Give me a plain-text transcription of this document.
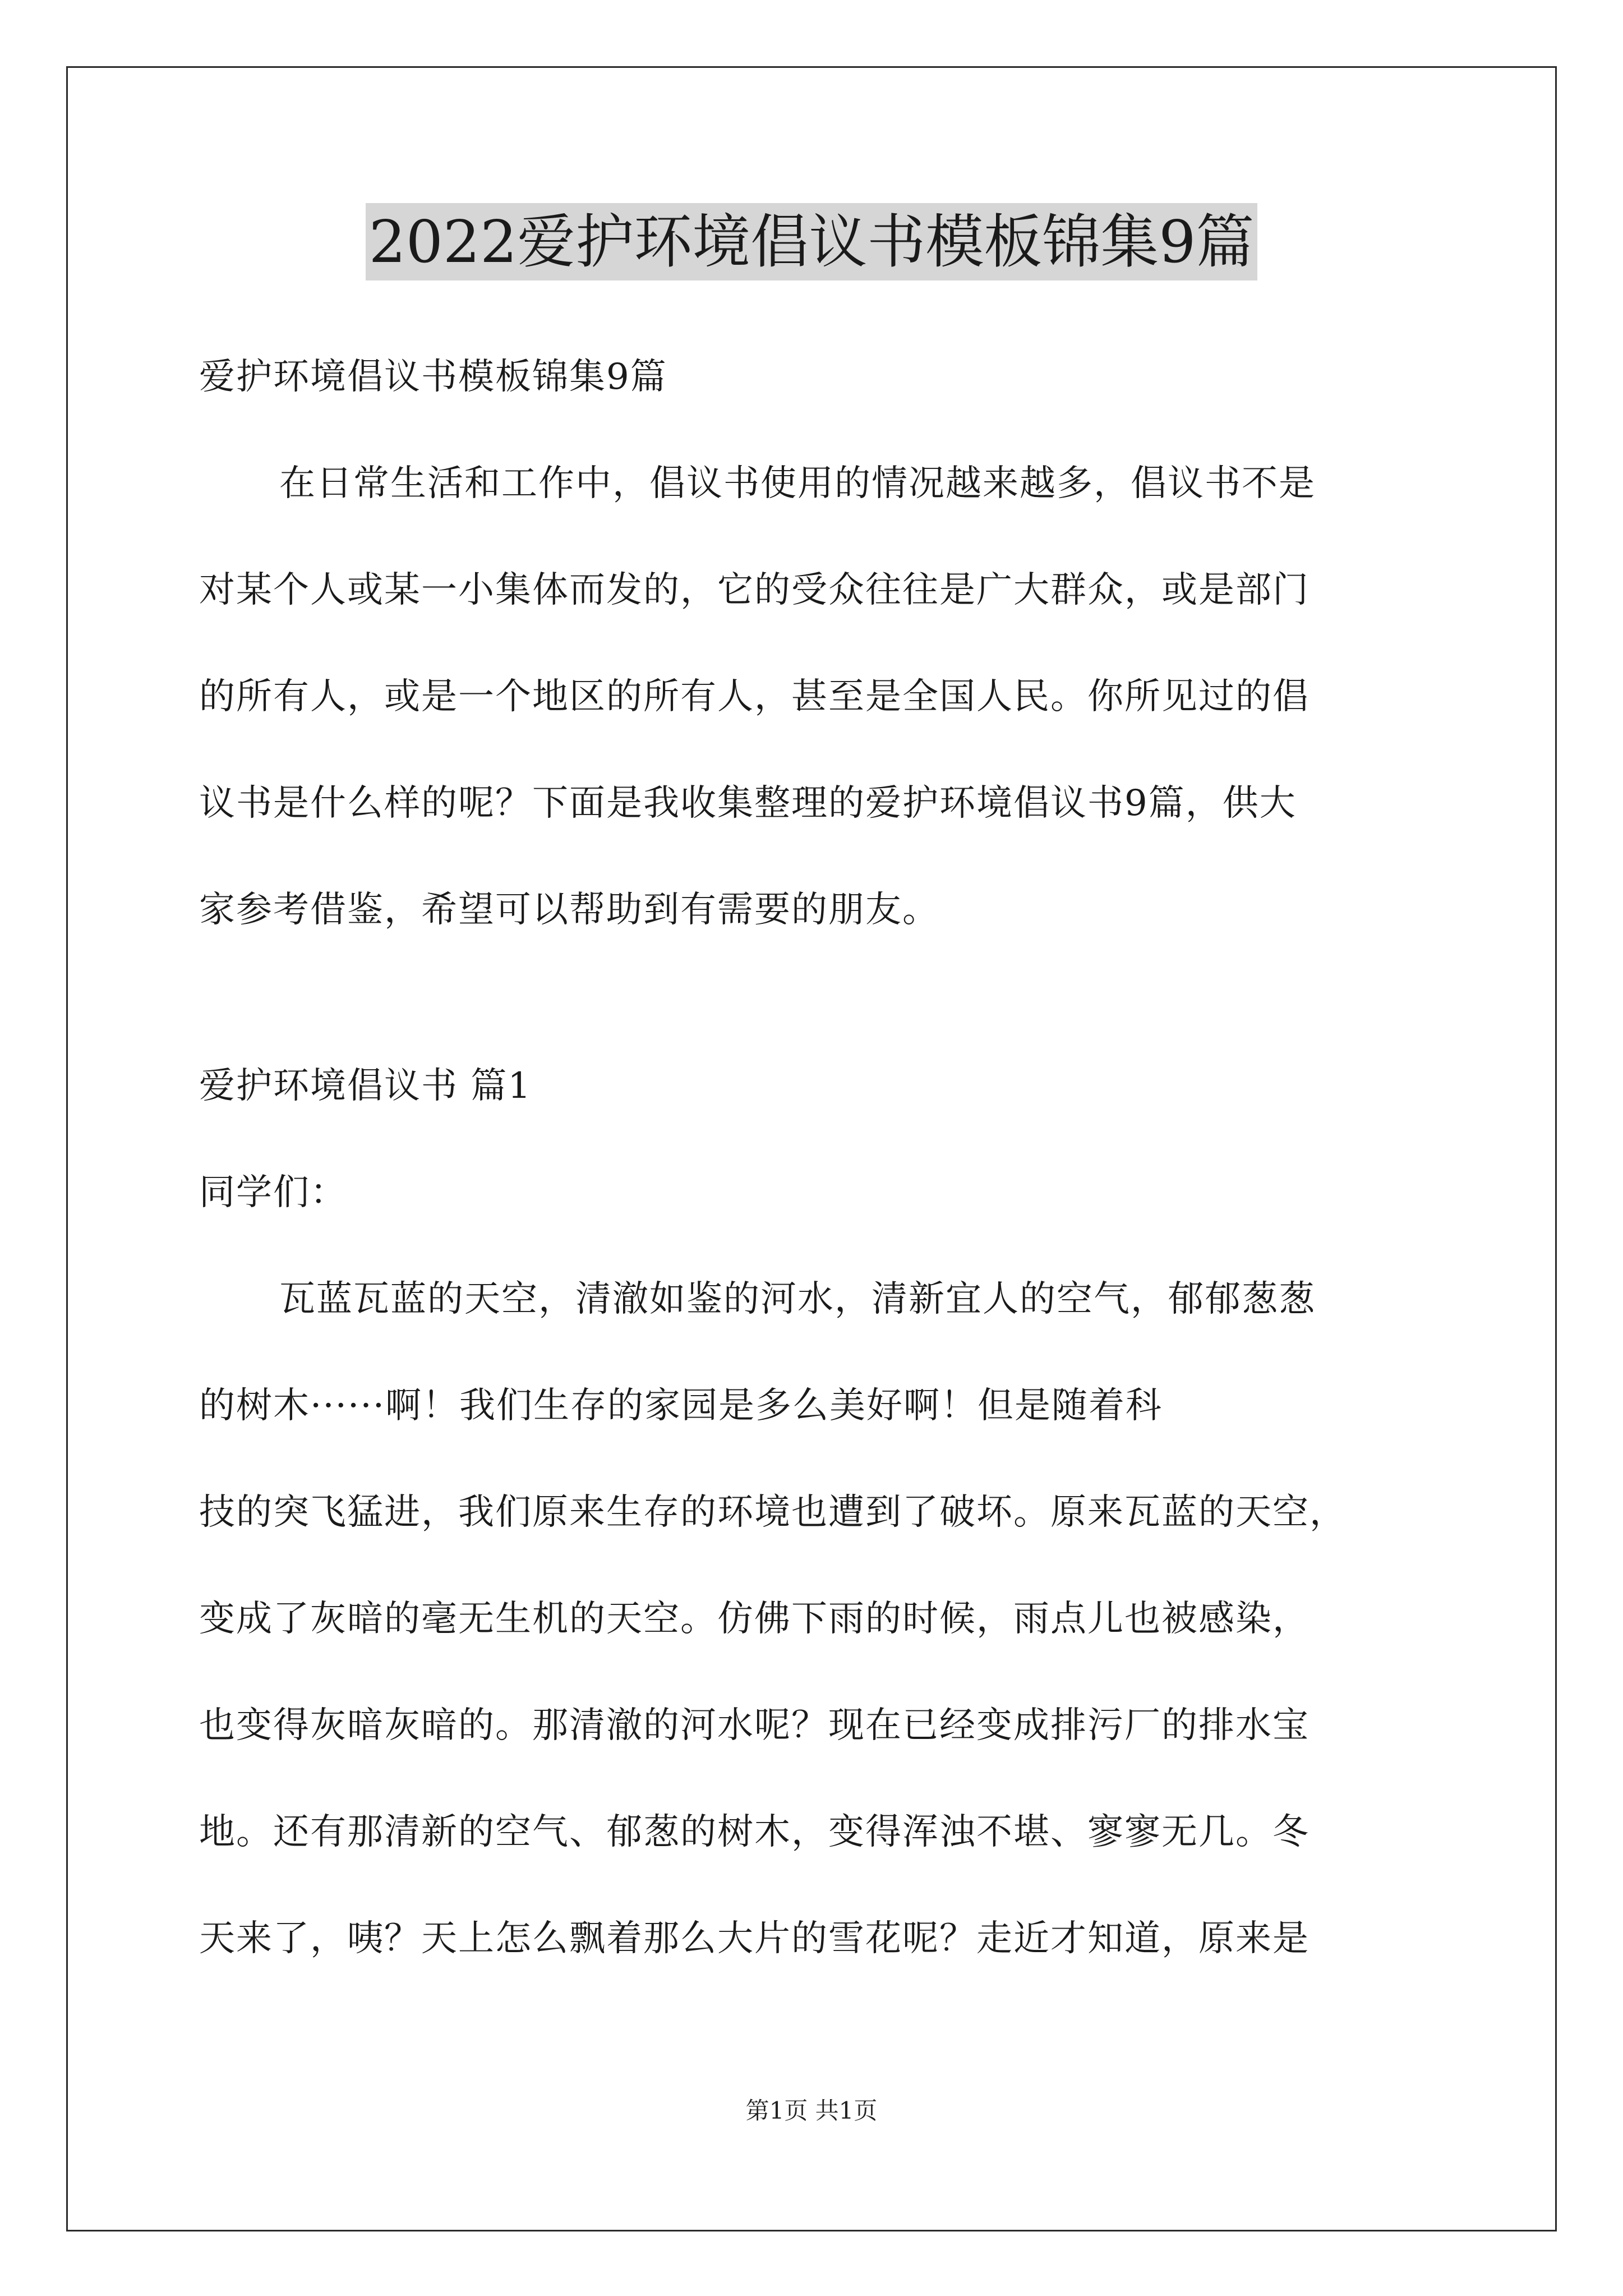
2022爱护环境倡议书模板锦集9篇
爱护环境倡议书模板锦集9篇
在日常生活和工作中，倡议书使用的情况越来越多，倡议书不是
对某个人或某一小集体而发的，它的受众往往是广大群众，或是部门
的所有人，或是一个地区的所有人，甚至是全国人民。你所见过的倡
议书是什么样的呢？下面是我收集整理的爱护环境倡议书9篇，供大
家参考借鉴，希望可以帮助到有需要的朋友。
爱护环境倡议书 篇1
同学们：
瓦蓝瓦蓝的天空，清澈如鉴的河水，清新宜人的空气，郁郁葱葱
的树木······啊！我们生存的家园是多么美好啊！但是随着科
技的突飞猛进，我们原来生存的环境也遭到了破坏。原来瓦蓝的天空，
变成了灰暗的毫无生机的天空。仿佛下雨的时候，雨点儿也被感染，
也变得灰暗灰暗的。那清澈的河水呢？现在已经变成排污厂的排水宝
地。还有那清新的空气、郁葱的树木，变得浑浊不堪、寥寥无几。冬
天来了，咦？天上怎么飘着那么大片的雪花呢？走近才知道，原来是
第1页 共1页
